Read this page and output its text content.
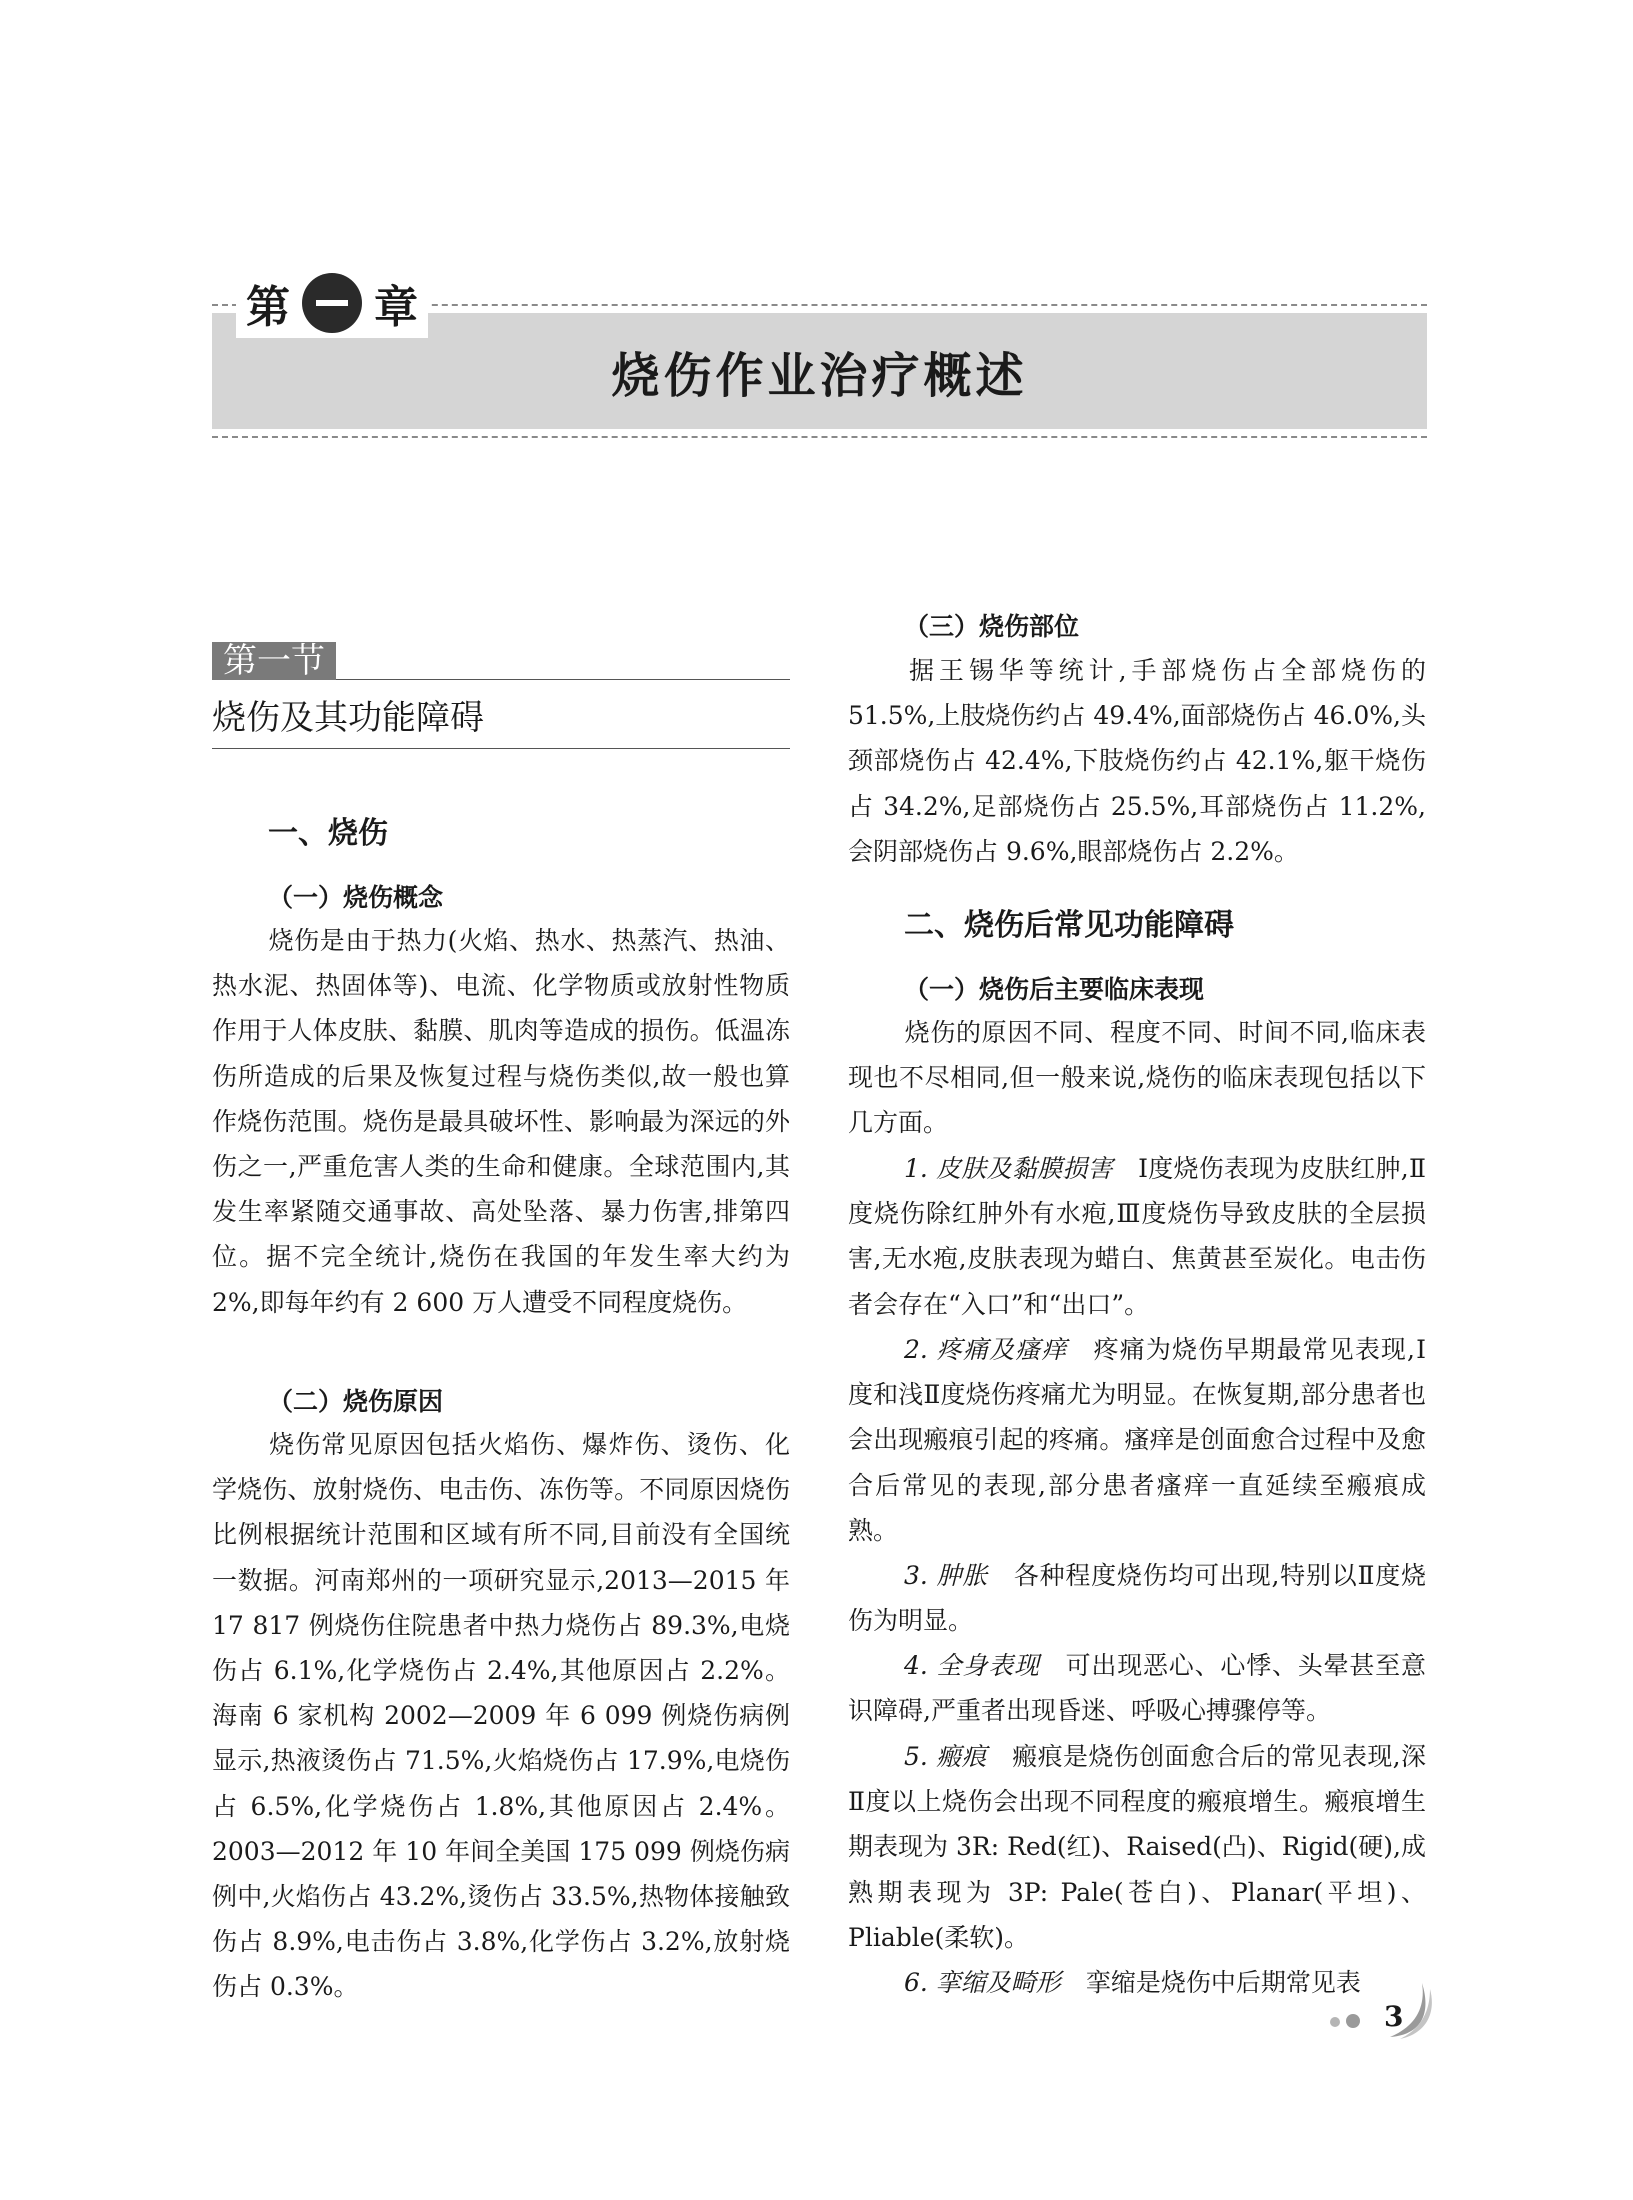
第 章
烧伤作业治疗概述
第一节
烧伤及其功能障碍
一、烧伤
（一）烧伤概念
烧伤是由于热力(火焰、热水、热蒸汽、热油、热水泥、热固体等)、电流、化学物质或放射性物质作用于人体皮肤、黏膜、肌肉等造成的损伤。低温冻伤所造成的后果及恢复过程与烧伤类似,故一般也算作烧伤范围。烧伤是最具破坏性、影响最为深远的外伤之一,严重危害人类的生命和健康。全球范围内,其发生率紧随交通事故、高处坠落、暴力伤害,排第四位。据不完全统计,烧伤在我国的年发生率大约为 2%,即每年约有 2 600 万人遭受不同程度烧伤。
（二）烧伤原因
烧伤常见原因包括火焰伤、爆炸伤、烫伤、化学烧伤、放射烧伤、电击伤、冻伤等。不同原因烧伤比例根据统计范围和区域有所不同,目前没有全国统一数据。河南郑州的一项研究显示,2013—2015 年 17 817 例烧伤住院患者中热力烧伤占 89.3%,电烧伤占 6.1%,化学烧伤占 2.4%,其他原因占 2.2%。海南 6 家机构 2002—2009 年 6 099 例烧伤病例显示,热液烫伤占 71.5%,火焰烧伤占 17.9%,电烧伤占 6.5%,化学烧伤占 1.8%,其他原因占 2.4%。2003—2012 年 10 年间全美国 175 099 例烧伤病例中,火焰伤占 43.2%,烫伤占 33.5%,热物体接触致伤占 8.9%,电击伤占 3.8%,化学伤占 3.2%,放射烧伤占 0.3%。
（三）烧伤部位
据王锡华等统计,手部烧伤占全部烧伤的 51.5%,上肢烧伤约占 49.4%,面部烧伤占 46.0%,头颈部烧伤占 42.4%,下肢烧伤约占 42.1%,躯干烧伤占 34.2%,足部烧伤占 25.5%,耳部烧伤占 11.2%,会阴部烧伤占 9.6%,眼部烧伤占 2.2%。
二、烧伤后常见功能障碍
（一）烧伤后主要临床表现
烧伤的原因不同、程度不同、时间不同,临床表现也不尽相同,但一般来说,烧伤的临床表现包括以下几方面。
1. 皮肤及黏膜损害　 Ⅰ度烧伤表现为皮肤红肿,Ⅱ度烧伤除红肿外有水疱,Ⅲ度烧伤导致皮肤的全层损害,无水疱,皮肤表现为蜡白、焦黄甚至炭化。电击伤者会存在“入口”和“出口”。
2. 疼痛及瘙痒　 疼痛为烧伤早期最常见表现,Ⅰ度和浅Ⅱ度烧伤疼痛尤为明显。在恢复期,部分患者也会出现瘢痕引起的疼痛。瘙痒是创面愈合过程中及愈合后常见的表现,部分患者瘙痒一直延续至瘢痕成熟。
3. 肿胀　 各种程度烧伤均可出现,特别以Ⅱ度烧伤为明显。
4. 全身表现　 可出现恶心、心悸、头晕甚至意识障碍,严重者出现昏迷、呼吸心搏骤停等。
5. 瘢痕　 瘢痕是烧伤创面愈合后的常见表现,深Ⅱ度以上烧伤会出现不同程度的瘢痕增生。瘢痕增生期表现为 3R: Red(红)、Raised(凸)、Rigid(硬),成熟期表现为 3P: Pale(苍白)、Planar(平坦)、Pliable(柔软)。
6. 挛缩及畸形　 挛缩是烧伤中后期常见表
3
